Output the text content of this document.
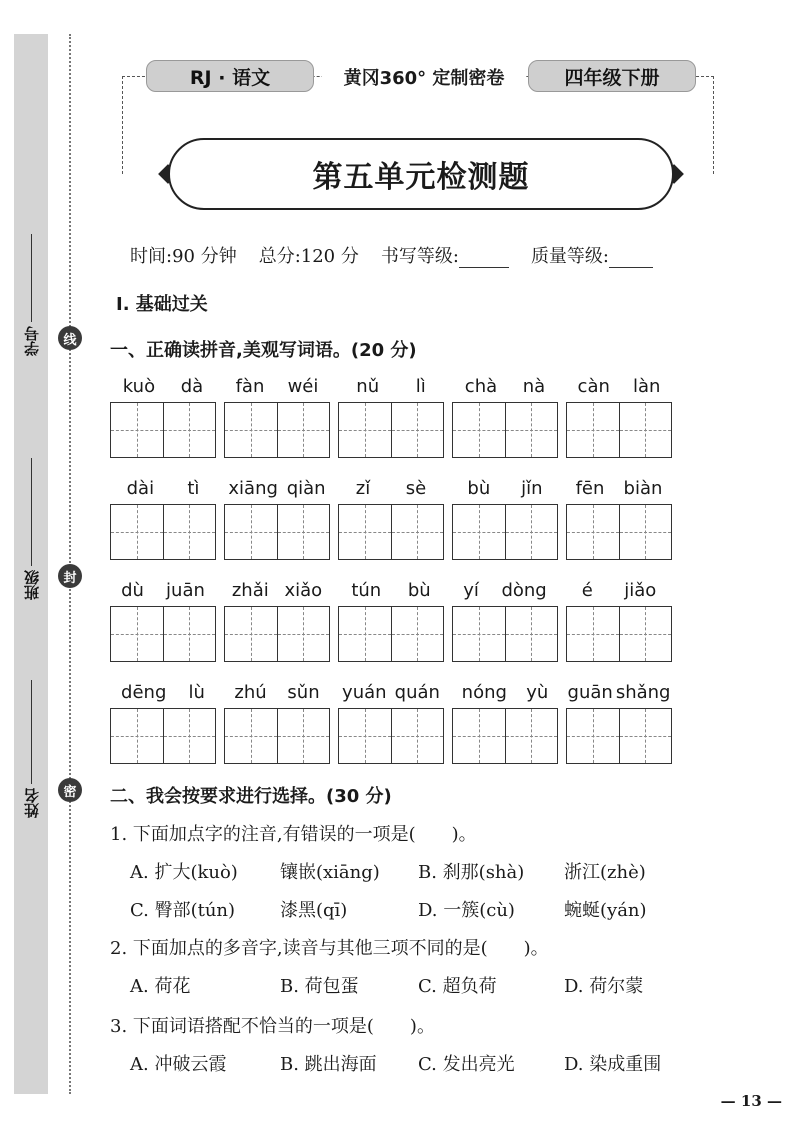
学号
班级
姓名
线
封
密
RJ · 语文	黄冈360° 定制密卷	四年级下册
第五单元检测题
时间:90 分钟 总分:120 分 书写等级:	质量等级:
Ⅰ. 基础过关
一、正确读拼音,美观写词语。(20 分)
kuò dà fàn wéi nǔ lì chà nà càn làn
dài tì xiāng qiàn zǐ sè bù jǐn fēn biàn
dù juān zhǎi xiǎo tún bù yí dòng é jiǎo
dēng lù zhú sǔn yuán quán nóng yù guān shǎng
二、我会按要求进行选择。(30 分)
1. 下面加点字的注音,有错误的一项是(　　)。
A. 扩大(kuò) 镶嵌(xiāng) B. 刹那(shà) 浙江(zhè)
C. 臀部(tún) 漆黑(qī)	D. 一簇(cù)	蜿蜒(yán)
2. 下面加点的多音字,读音与其他三项不同的是(　　)。
A. 荷花	B. 荷包蛋	C. 超负荷	D. 荷尔蒙
3. 下面词语搭配不恰当的一项是(　　)。
A. 冲破云霞	B. 跳出海面 C. 发出亮光	D. 染成重围
— 13 —
